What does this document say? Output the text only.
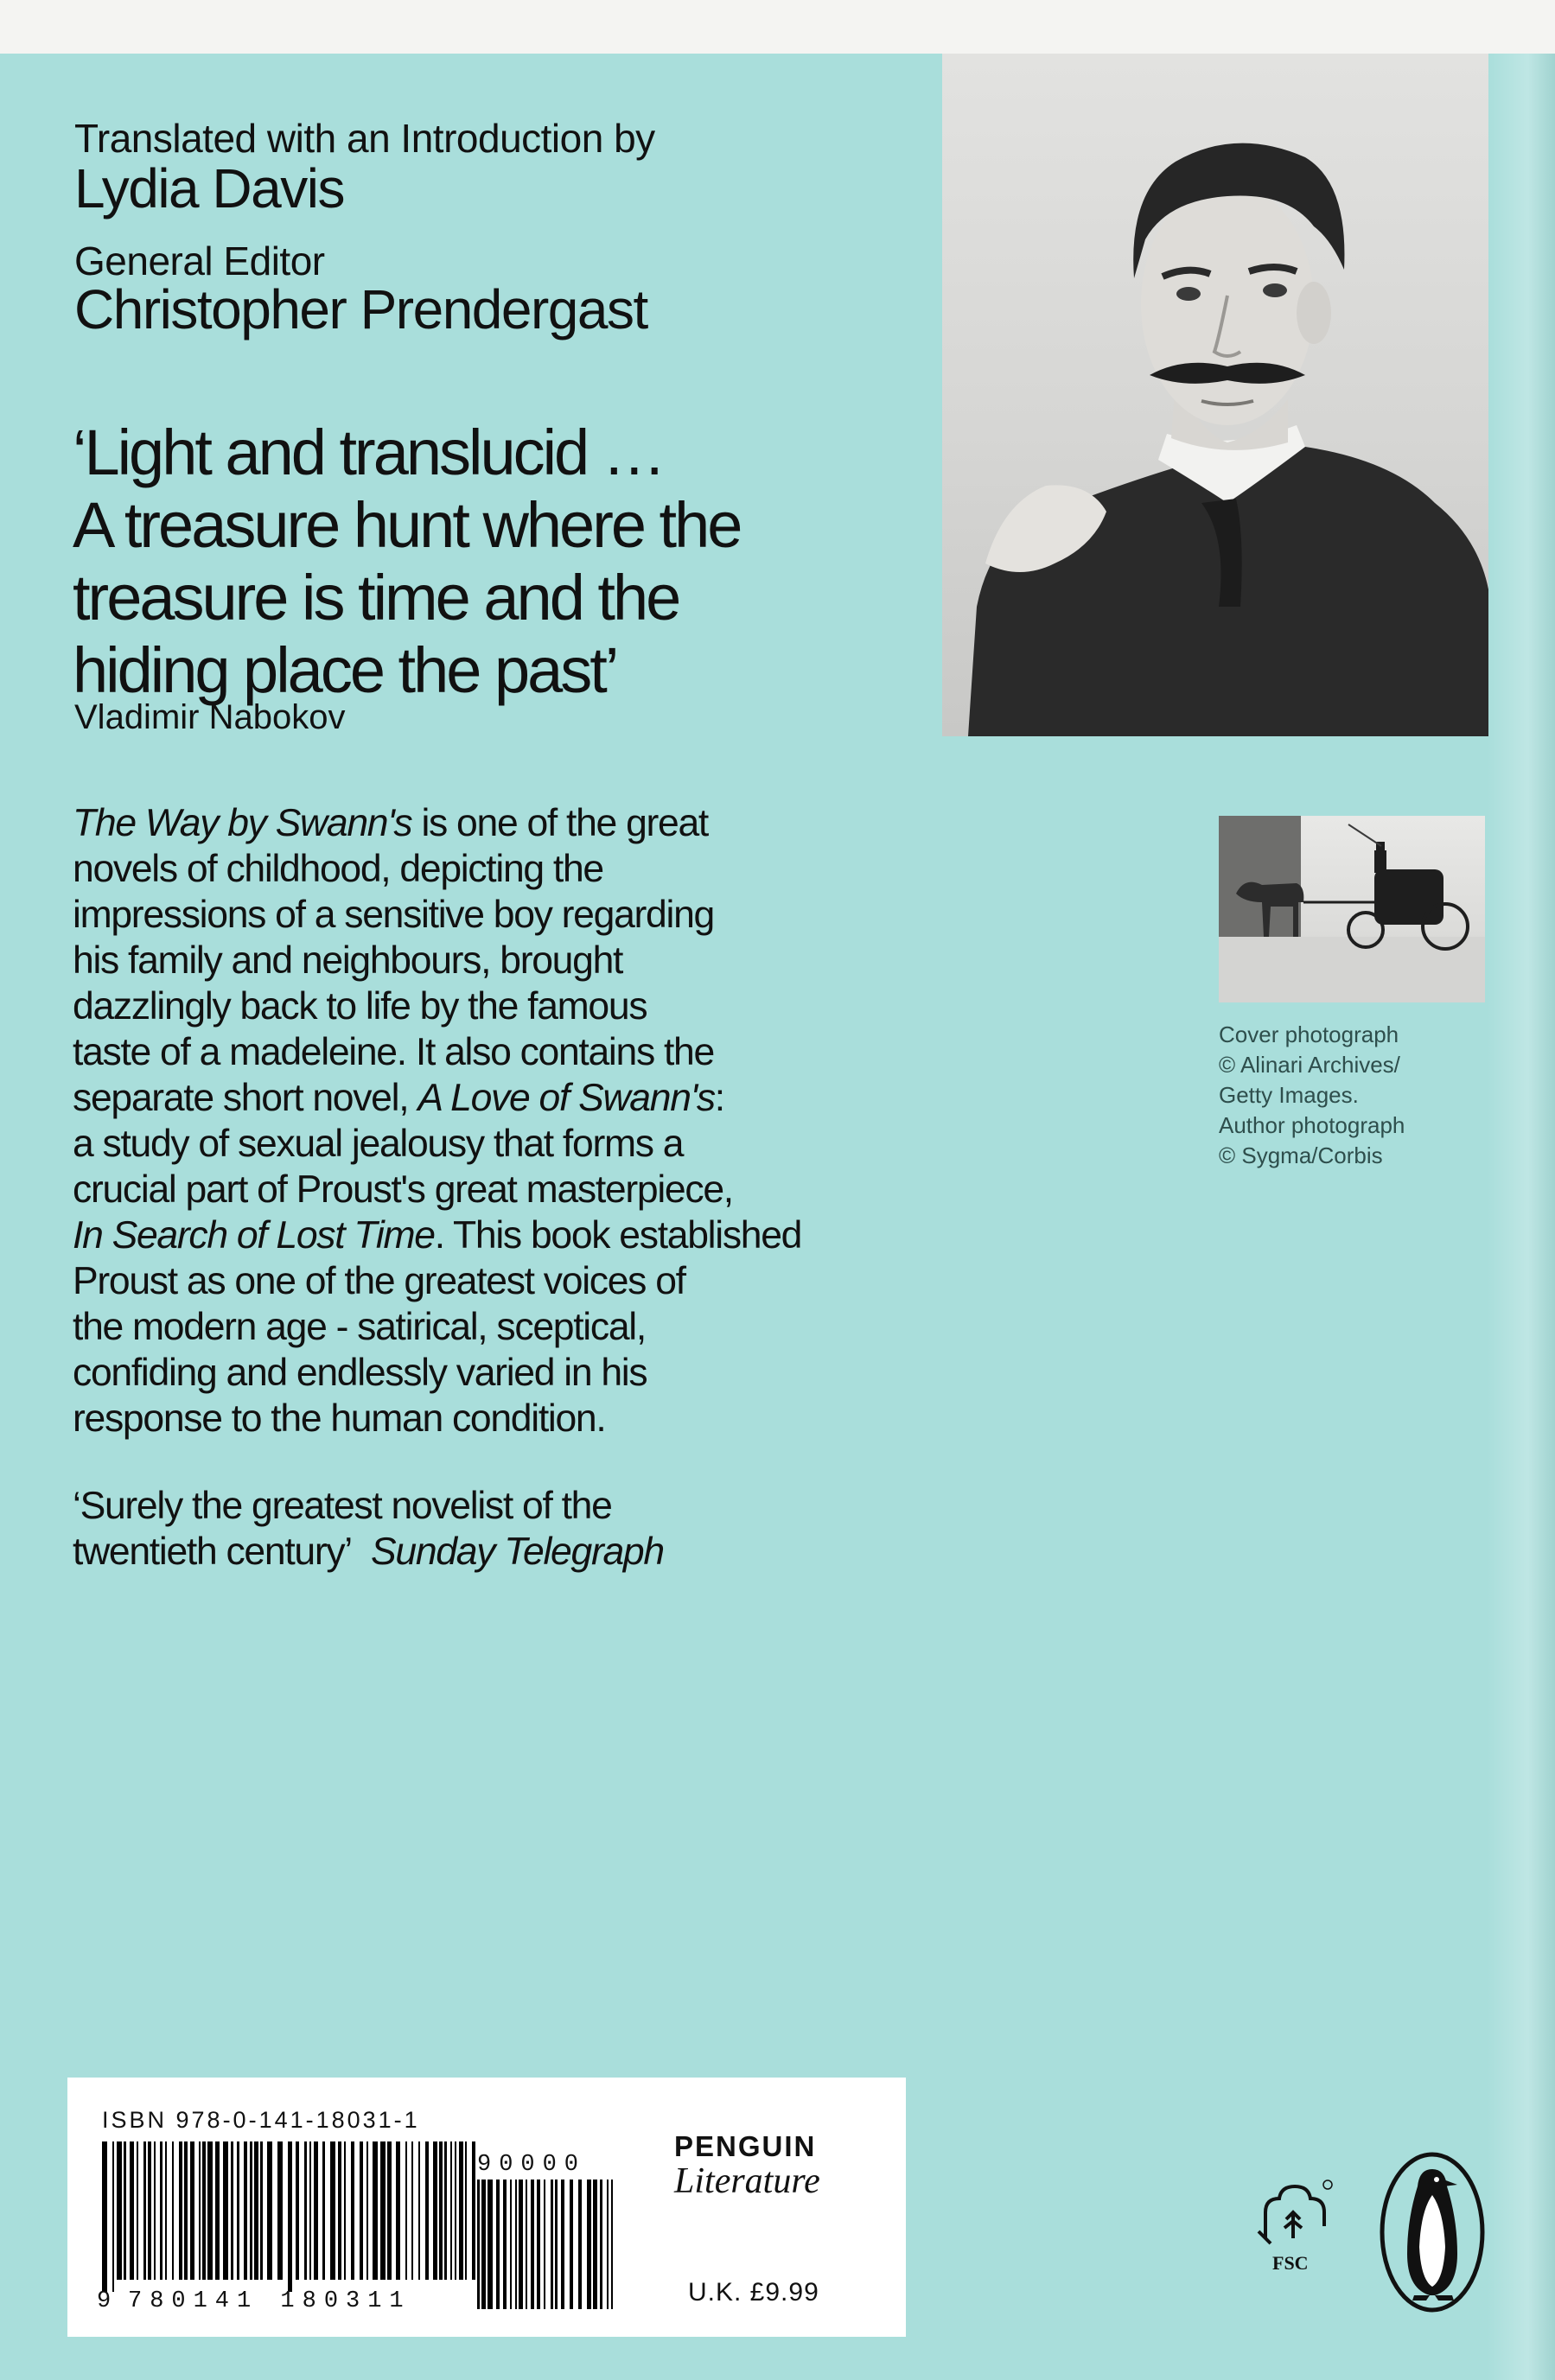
Translated with an Introduction by
Lydia Davis
General Editor
Christopher Prendergast
‘Light and translucid …
A treasure hunt where the
treasure is time and the
hiding place the past’
Vladimir Nabokov
Cover photograph
© Alinari Archives/
Getty Images.
Author photograph
© Sygma/Corbis
The Way by Swann's is one of the great
novels of childhood, depicting the
impressions of a sensitive boy regarding
his family and neighbours, brought
dazzlingly back to life by the famous
taste of a madeleine. It also contains the
separate short novel, A Love of Swann's:
a study of sexual jealousy that forms a
crucial part of Proust's great masterpiece,
In Search of Lost Time. This book established
Proust as one of the greatest voices of
the modern age - satirical, sceptical,
confiding and endlessly varied in his
response to the human condition.
‘Surely the greatest novelist of the
twentieth century’ Sunday Telegraph
ISBN 978-0-141-18031-1
9 780141 180311
90000
PENGUIN
Literature
U.K. £9.99
FSC
